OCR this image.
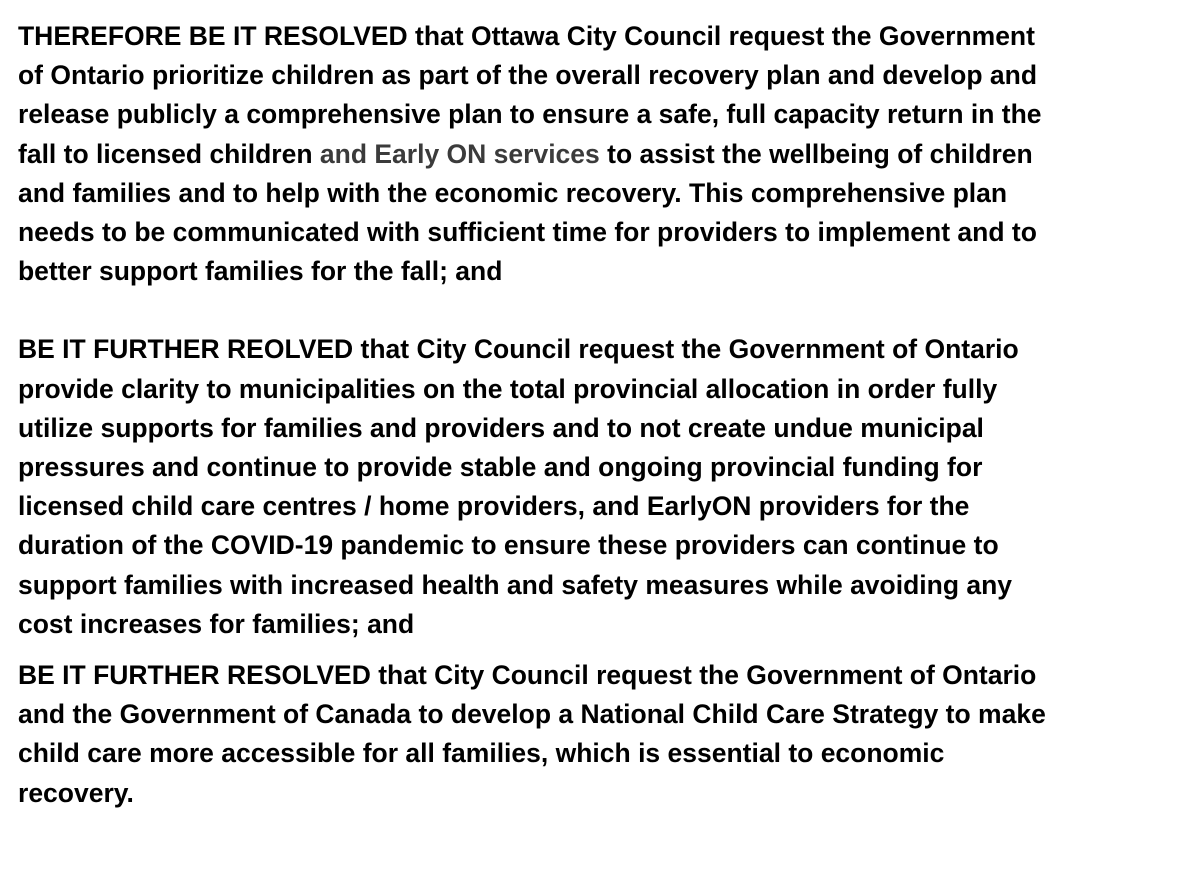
THEREFORE BE IT RESOLVED that Ottawa City Council request the Government
of Ontario prioritize children as part of the overall recovery plan and develop and
release publicly a comprehensive plan to ensure a safe, full capacity return in the
fall to licensed children and Early ON services to assist the wellbeing of children
and families and to help with the economic recovery. This comprehensive plan
needs to be communicated with sufficient time for providers to implement and to
better support families for the fall; and

BE IT FURTHER REOLVED that City Council request the Government of Ontario
provide clarity to municipalities on the total provincial allocation in order fully
utilize supports for families and providers and to not create undue municipal
pressures and continue to provide stable and ongoing provincial funding for
licensed child care centres / home providers, and EarlyON providers for the
duration of the COVID-19 pandemic to ensure these providers can continue to
support families with increased health and safety measures while avoiding any
cost increases for families; and

BE IT FURTHER RESOLVED that City Council request the Government of Ontario
and the Government of Canada to develop a National Child Care Strategy to make
child care more accessible for all families, which is essential to economic
recovery.
